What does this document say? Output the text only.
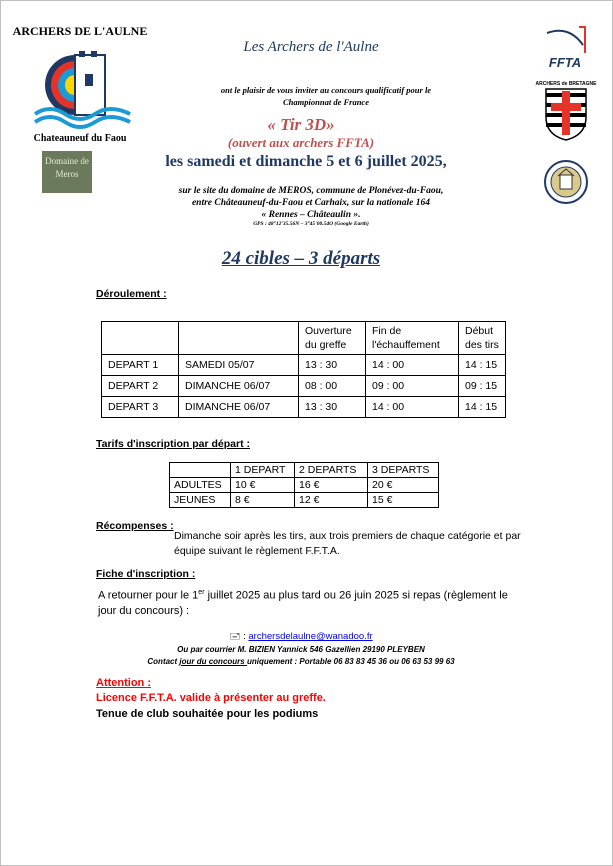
ARCHERS DE L'AULNE
Chateauneuf du Faou
Domaine de Meros
FFTA
ARCHERS de BRETAGNE
Les Archers de l'Aulne
ont le plaisir de vous inviter au concours qualificatif pour le
Championnat de France
« Tir 3D»
(ouvert aux archers FFTA)
les samedi et dimanche 5 et 6 juillet 2025,
sur le site du domaine de MEROS, commune de Plonévez-du-Faou,
entre Châteauneuf-du-Faou et Carhaix, sur la nationale 164
« Rennes – Châteaulin ».
GPS : 48°12'35.56N – 3°45'00.54O (Google Earth)
24 cibles – 3 départs
Déroulement :
		Ouverture du greffe	Fin de l'échauffement	Début des tirs
DEPART 1	SAMEDI 05/07	13 : 30	14 : 00	14 : 15
DEPART 2	DIMANCHE 06/07	08 : 00	09 : 00	09 : 15
DEPART 3	DIMANCHE 06/07	13 : 30	14 : 00	14 : 15
Tarifs d'inscription par départ :
	1 DEPART	2 DEPARTS	3 DEPARTS
ADULTES	10 €	16 €	20 €
JEUNES	8 €	12 €	15 €
Récompenses :
Dimanche soir après les tirs, aux trois premiers de chaque catégorie et par
équipe suivant le règlement F.F.T.A.
Fiche d'inscription :
A retourner pour le 1er juillet 2025 au plus tard ou 26 juin 2025 si repas (règlement le
jour du concours) :
🖃 : archersdelaulne@wanadoo.fr
Ou par courrier M. BIZIEN Yannick 546 Gazellien 29190 PLEYBEN
Contact jour du concours uniquement : Portable 06 83 83 45 36 ou 06 63 53 99 63
Attention :
Licence F.F.T.A. valide à présenter au greffe.
Tenue de club souhaitée pour les podiums
